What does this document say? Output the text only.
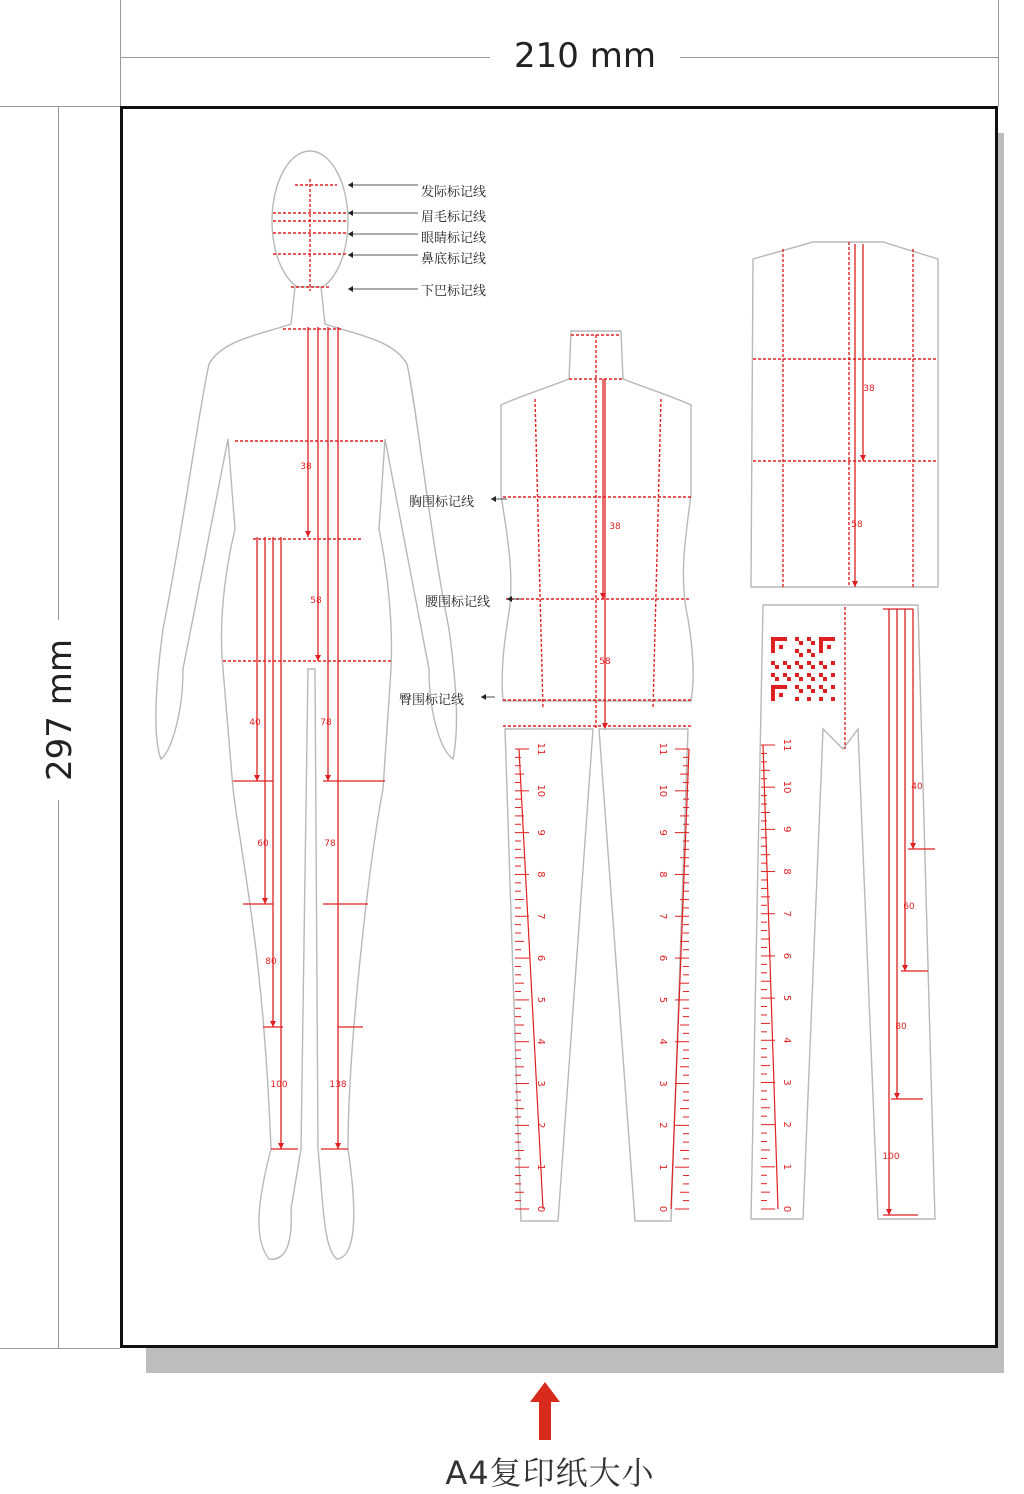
210 mm
297 mm
38
58
40	78
60	78
80
100	138
38
58
0
1
2
3
4
5
6
7
8
9
10
11
0
1
2
3
4
5
6
7
8
9
10
11
38
58
40
60
80
100
0
1
2
3
4
5
6
7
8
9
10
11
发际标记线
眉毛标记线
眼睛标记线
鼻底标记线
下巴标记线
胸围标记线
腰围标记线
臀围标记线
A4复印纸大小
